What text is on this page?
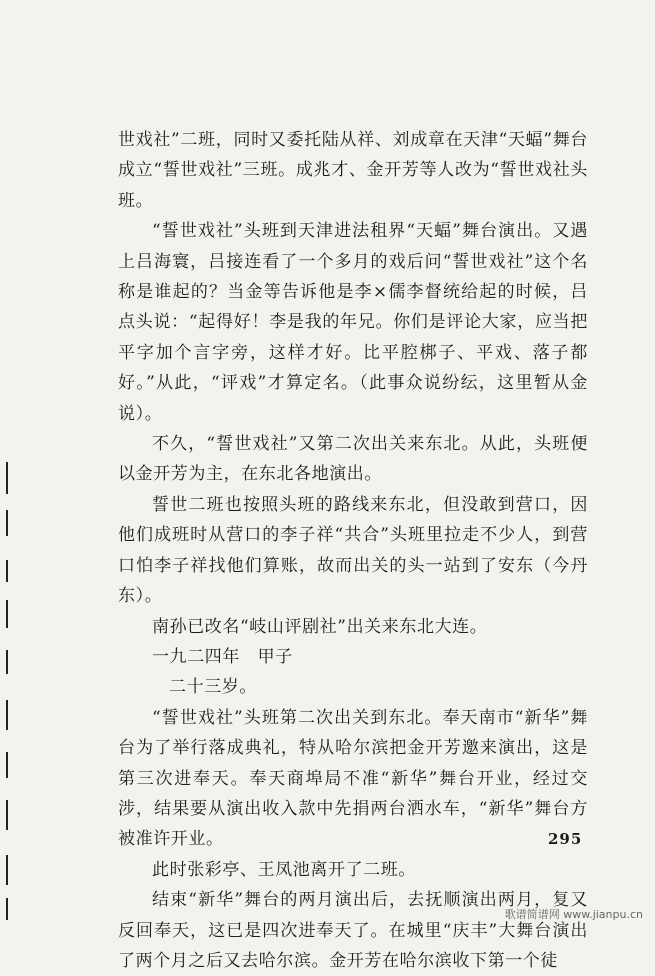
世戏社”二班，同时又委托陆从祥、刘成章在天津“天蝠”舞台成立“誓世戏社”三班。成兆才、金开芳等人改为“誓世戏社头班。

“誓世戏社”头班到天津进法租界“天蝠”舞台演出。又遇上吕海寰，吕接连看了一个多月的戏后问“誓世戏社”这个名称是谁起的？当金等告诉他是李×儒李督统给起的时候，吕点头说：“起得好！李是我的年兄。你们是评论大家，应当把平字加个言字旁，这样才好。比平腔梆子、平戏、落子都好。”从此，“评戏”才算定名。（此事众说纷纭，这里暂从金说）。

不久，“誓世戏社”又第二次出关来东北。从此，头班便以金开芳为主，在东北各地演出。

誓世二班也按照头班的路线来东北，但没敢到营口，因他们成班时从营口的李子祥“共合”头班里拉走不少人，到营口怕李子祥找他们算账，故而出关的头一站到了安东（今丹东）。

南孙已改名“岐山评剧社”出关来东北大连。

一九二四年　甲子

二十三岁。

“誓世戏社”头班第二次出关到东北。奉天南市“新华”舞台为了举行落成典礼，特从哈尔滨把金开芳邀来演出，这是第三次进奉天。奉天商埠局不准“新华”舞台开业，经过交涉，结果要从演出收入款中先捐两台洒水车，“新华”舞台方被准许开业。

此时张彩亭、王凤池离开了二班。

结束“新华”舞台的两月演出后，去抚顺演出两月，复又反回奉天，这已是四次进奉天了。在城里“庆丰”大舞台演出了两个月之后又去哈尔滨。金开芳在哈尔滨收下第一个徒

295
歌谱简谱网 www.jianpu.cn
